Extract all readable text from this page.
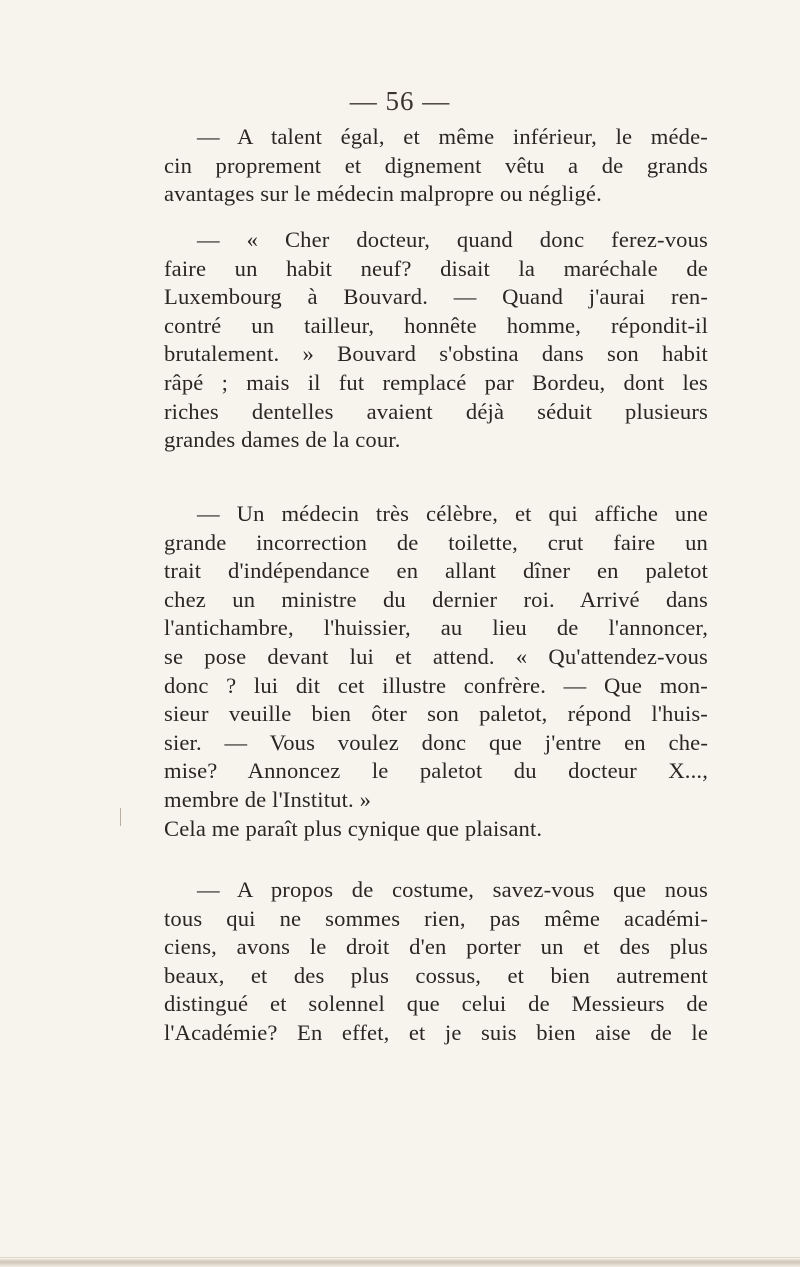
— 56 —
— A talent égal, et même inférieur, le méde-
cin proprement et dignement vêtu a de grands
avantages sur le médecin malpropre ou négligé.
— « Cher docteur, quand donc ferez-vous
faire un habit neuf? disait la maréchale de
Luxembourg à Bouvard. — Quand j'aurai ren-
contré un tailleur, honnête homme, répondit-il
brutalement. » Bouvard s'obstina dans son habit
râpé ; mais il fut remplacé par Bordeu, dont les
riches dentelles avaient déjà séduit plusieurs
grandes dames de la cour.
— Un médecin très célèbre, et qui affiche une
grande incorrection de toilette, crut faire un
trait d'indépendance en allant dîner en paletot
chez un ministre du dernier roi. Arrivé dans
l'antichambre, l'huissier, au lieu de l'annoncer,
se pose devant lui et attend. « Qu'attendez-vous
donc ? lui dit cet illustre confrère. — Que mon-
sieur veuille bien ôter son paletot, répond l'huis-
sier. — Vous voulez donc que j'entre en che-
mise? Annoncez le paletot du docteur X...,
membre de l'Institut. »
Cela me paraît plus cynique que plaisant.
— A propos de costume, savez-vous que nous
tous qui ne sommes rien, pas même académi-
ciens, avons le droit d'en porter un et des plus
beaux, et des plus cossus, et bien autrement
distingué et solennel que celui de Messieurs de
l'Académie? En effet, et je suis bien aise de le
